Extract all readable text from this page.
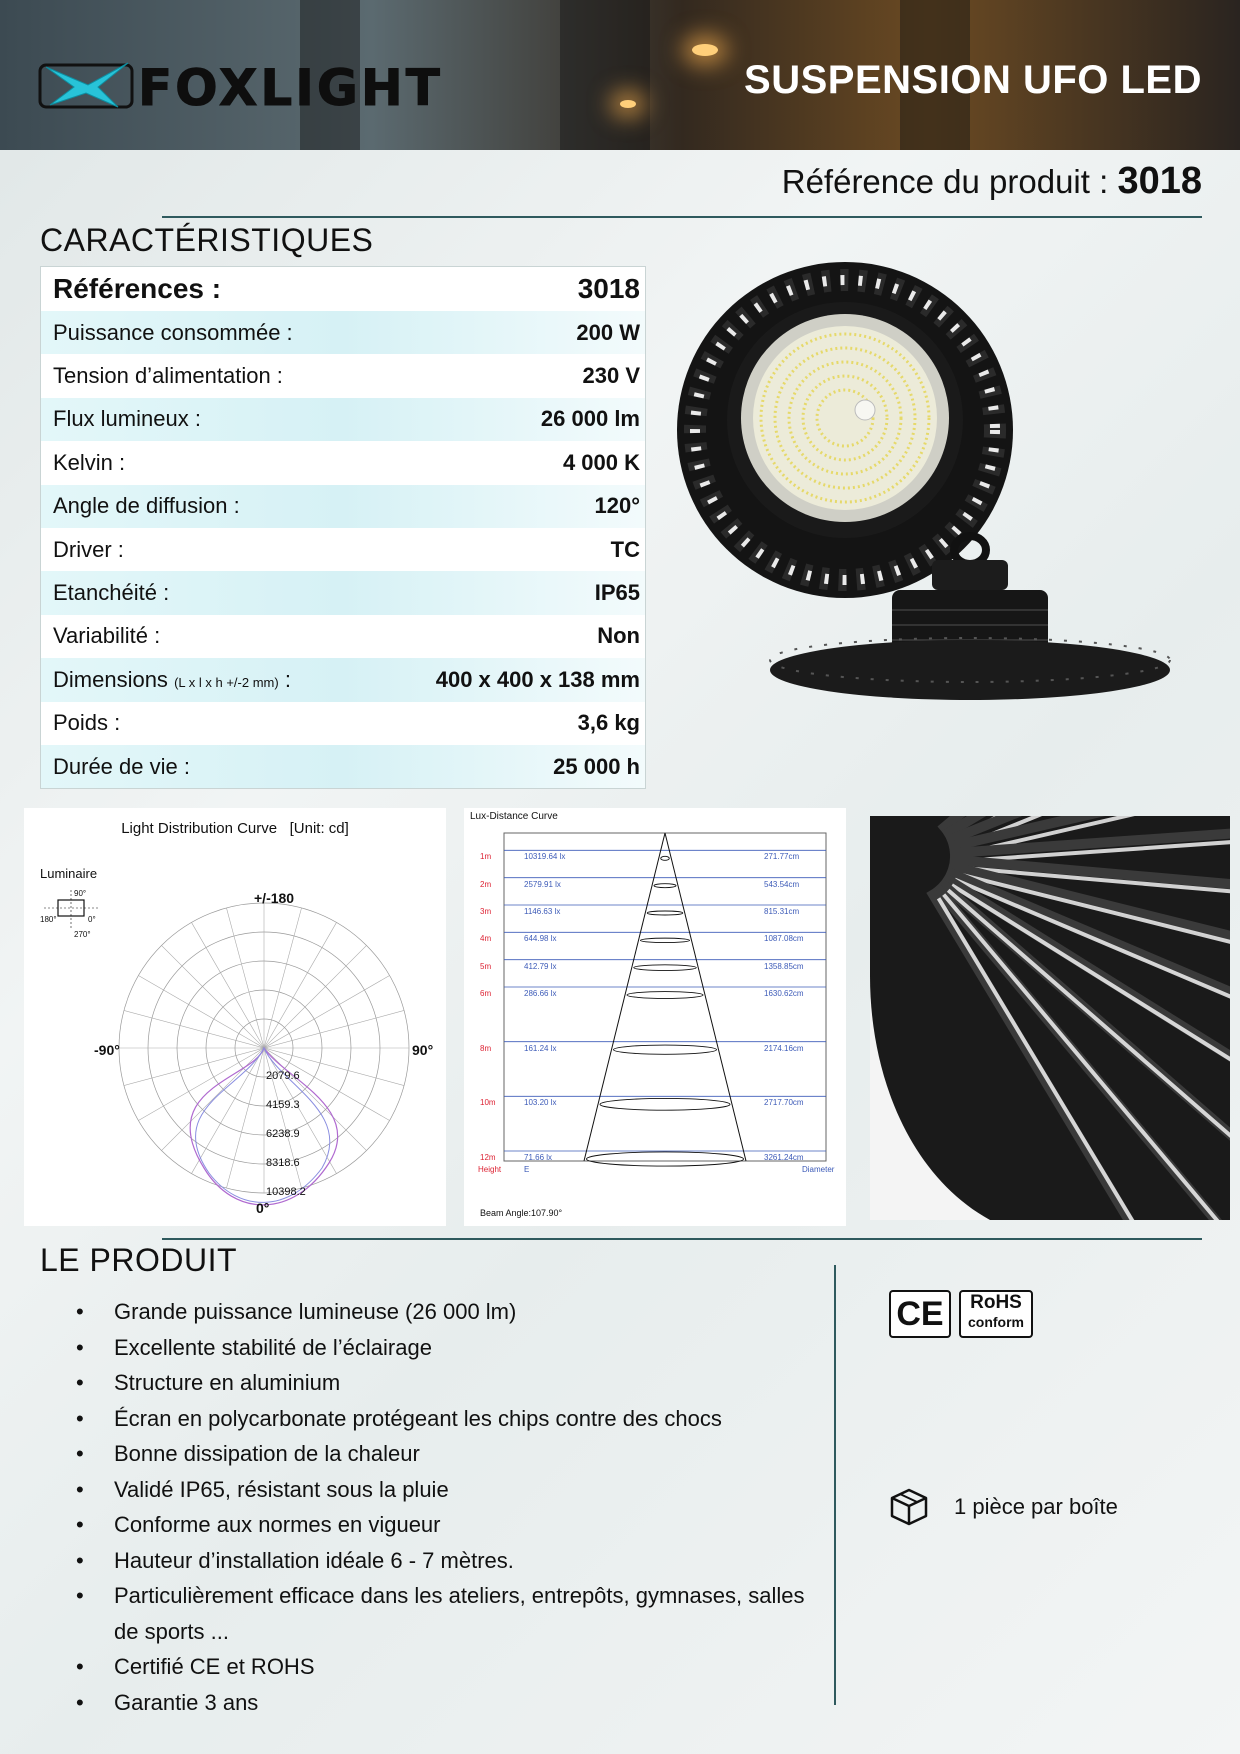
FOXLIGHT	SUSPENSION UFO LED
Référence du produit : 3018
CARACTÉRISTIQUES
Références :	3018
Puissance consommée :	200 W
Tension d’alimentation :	230 V
Flux lumineux :	26 000 lm
Kelvin :	4 000 K
Angle de diffusion :	120°
Driver :	TC
Etanchéité :	IP65
Variabilité :	Non
Dimensions (L x l x h +/-2 mm) :	400 x 400 x 138 mm
Poids :	3,6 kg
Durée de vie :	25 000 h
Light Distribution Curve [Unit: cd]
Luminaire
90°
180°	0°
270°
+/-180
-90°	90°
0°
2079.6
4159.3
6238.9
8318.6
10398.2
Lux-Distance Curve
1m	10319.64 lx	271.77cm
2m	2579.91 lx	543.54cm
3m	1146.63 lx	815.31cm
4m	644.98 lx	1087.08cm
5m	412.79 lx	1358.85cm
6m	286.66 lx	1630.62cm
8m	161.24 lx	2174.16cm
10m	103.20 lx	2717.70cm
12m	71.66 lx	3261.24cm
Height	E	Diameter
Beam Angle:107.90°
LE PRODUIT
• Grande puissance lumineuse (26 000 lm)
• Excellente stabilité de l’éclairage
• Structure en aluminium
• Écran en polycarbonate protégeant les chips contre des chocs
• Bonne dissipation de la chaleur
• Validé IP65, résistant sous la pluie
• Conforme aux normes en vigueur
• Hauteur d’installation idéale 6 - 7 mètres.
• Particulièrement efficace dans les ateliers, entrepôts, gymnases, salles de sports ...
• Certifié CE et ROHS
• Garantie 3 ans
CE	RoHS
conform
1 pièce par boîte
